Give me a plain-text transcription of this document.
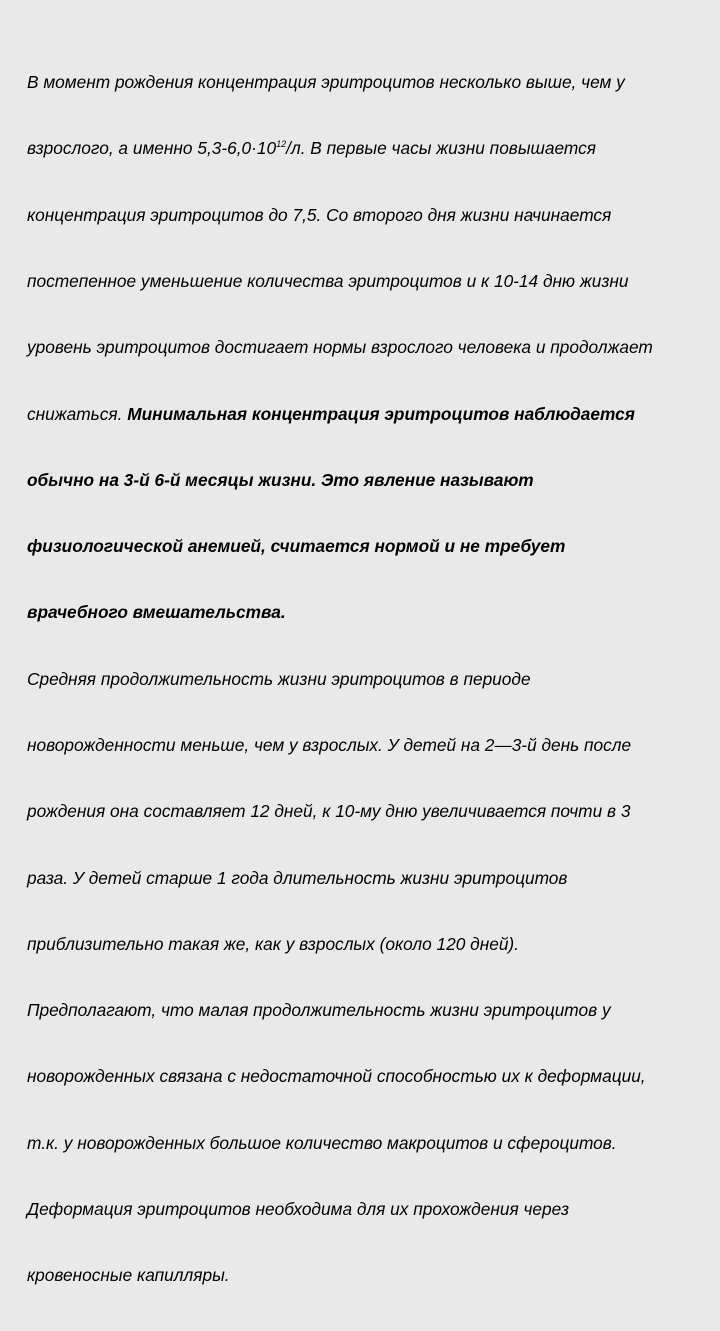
В момент рождения концентрация эритроцитов несколько выше, чем у

взрослого, а именно $5,3-6,0\cdot 10^{12}/л$. В первые часы жизни повышается

концентрация эритроцитов до 7,5. Со второго дня жизни начинается

постепенное уменьшение количества эритроцитов и к 10-14 дню жизни

уровень эритроцитов достигает нормы взрослого человека и продолжает

снижаться. Минимальная концентрация эритроцитов наблюдается

обычно на 3-й 6-й месяцы жизни. Это явление называют

физиологической анемией, считается нормой и не требует

врачебного вмешательства.

Средняя продолжительность жизни эритроцитов в периоде

новорожденности меньше, чем у взрослых. У детей на 2—3-й день после

рождения она составляет 12 дней, к 10-му дню увеличивается почти в 3

раза. У детей старше 1 года длительность жизни эритроцитов

приблизительно такая же, как у взрослых (около 120 дней).

Предполагают, что малая продолжительность жизни эритроцитов у

новорожденных связана с недостаточной способностью их к деформации,

т.к. у новорожденных большое количество макроцитов и сфероцитов.

Деформация эритроцитов необходима для их прохождения через

кровеносные капилляры.
